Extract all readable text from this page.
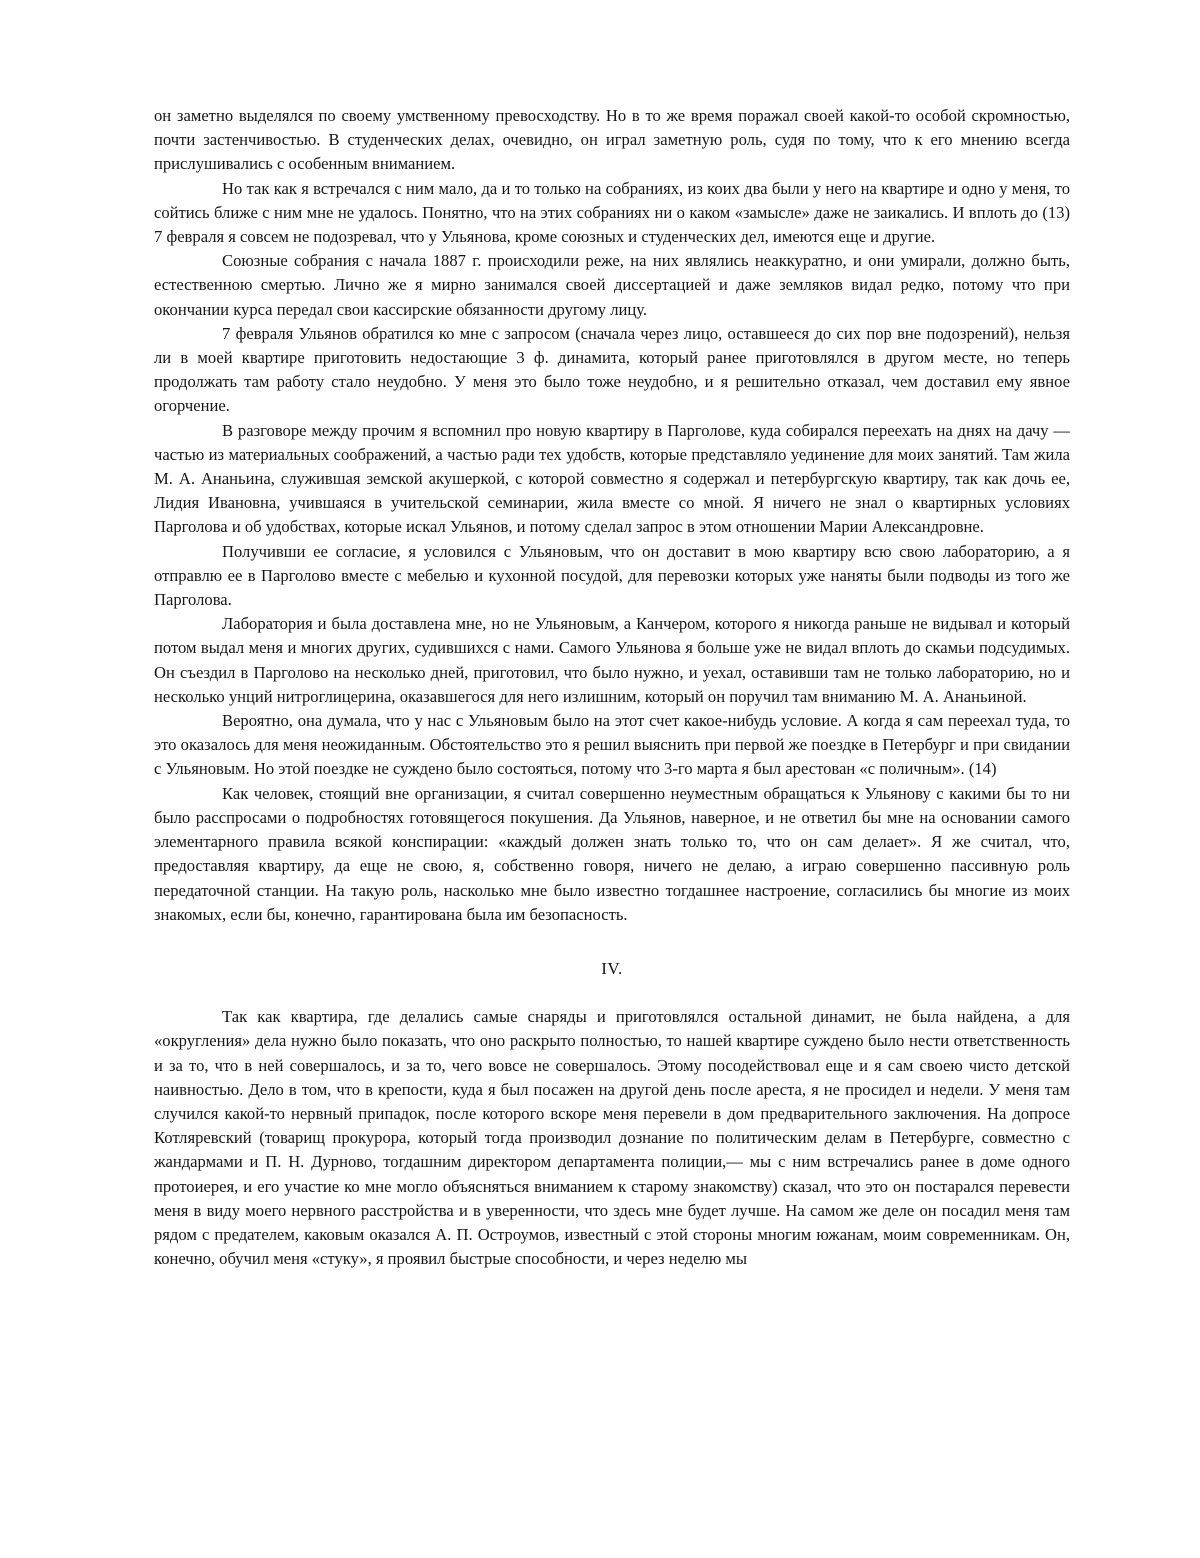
он заметно выделялся по своему умственному превосходству. Но в то же время поражал своей какой-то особой скромностью, почти застенчивостью. В студенческих делах, очевидно, он играл заметную роль, судя по тому, что к его мнению всегда прислушивались с особенным вниманием.

Но так как я встречался с ним мало, да и то только на собраниях, из коих два были у него на квартире и одно у меня, то сойтись ближе с ним мне не удалось. Понятно, что на этих собраниях ни о каком «замысле» даже не заикались. И вплоть до (13) 7 февраля я совсем не подозревал, что у Ульянова, кроме союзных и студенческих дел, имеются еще и другие.

Союзные собрания с начала 1887 г. происходили реже, на них являлись неаккуратно, и они умирали, должно быть, естественною смертью. Лично же я мирно занимался своей диссертацией и даже земляков видал редко, потому что при окончании курса передал свои кассирские обязанности другому лицу.

7 февраля Ульянов обратился ко мне с запросом (сначала через лицо, оставшееся до сих пор вне подозрений), нельзя ли в моей квартире приготовить недостающие 3 ф. динамита, который ранее приготовлялся в другом месте, но теперь продолжать там работу стало неудобно. У меня это было тоже неудобно, и я решительно отказал, чем доставил ему явное огорчение.

В разговоре между прочим я вспомнил про новую квартиру в Парголове, куда собирался переехать на днях на дачу — частью из материальных соображений, а частью ради тех удобств, которые представляло уединение для моих занятий. Там жила М. А. Ананьина, служившая земской акушеркой, с которой совместно я содержал и петербургскую квартиру, так как дочь ее, Лидия Ивановна, учившаяся в учительской семинарии, жила вместе со мной. Я ничего не знал о квартирных условиях Парголова и об удобствах, которые искал Ульянов, и потому сделал запрос в этом отношении Марии Александровне.

Получивши ее согласие, я условился с Ульяновым, что он доставит в мою квартиру всю свою лабораторию, а я отправлю ее в Парголово вместе с мебелью и кухонной посудой, для перевозки которых уже наняты были подводы из того же Парголова.

Лаборатория и была доставлена мне, но не Ульяновым, а Канчером, которого я никогда раньше не видывал и который потом выдал меня и многих других, судившихся с нами. Самого Ульянова я больше уже не видал вплоть до скамьи подсудимых. Он съездил в Парголово на несколько дней, приготовил, что было нужно, и уехал, оставивши там не только лабораторию, но и несколько унций нитроглицерина, оказавшегося для него излишним, который он поручил там вниманию М. А. Ананьиной.

Вероятно, она думала, что у нас с Ульяновым было на этот счет какое-нибудь условие. А когда я сам переехал туда, то это оказалось для меня неожиданным. Обстоятельство это я решил выяснить при первой же поездке в Петербург и при свидании с Ульяновым. Но этой поездке не суждено было состояться, потому что 3-го марта я был арестован «с поличным». (14)

Как человек, стоящий вне организации, я считал совершенно неуместным обращаться к Ульянову с какими бы то ни было расспросами о подробностях готовящегося покушения. Да Ульянов, наверное, и не ответил бы мне на основании самого элементарного правила всякой конспирации: «каждый должен знать только то, что он сам делает». Я же считал, что, предоставляя квартиру, да еще не свою, я, собственно говоря, ничего не делаю, а играю совершенно пассивную роль передаточной станции. На такую роль, насколько мне было известно тогдашнее настроение, согласились бы многие из моих знакомых, если бы, конечно, гарантирована была им безопасность.

IV.

Так как квартира, где делались самые снаряды и приготовлялся остальной динамит, не была найдена, а для «округления» дела нужно было показать, что оно раскрыто полностью, то нашей квартире суждено было нести ответственность и за то, что в ней совершалось, и за то, чего вовсе не совершалось. Этому посодействовал еще и я сам своею чисто детской наивностью. Дело в том, что в крепости, куда я был посажен на другой день после ареста, я не просидел и недели. У меня там случился какой-то нервный припадок, после которого вскоре меня перевели в дом предварительного заключения. На допросе Котляревский (товарищ прокурора, который тогда производил дознание по политическим делам в Петербурге, совместно с жандармами и П. Н. Дурново, тогдашним директором департамента полиции,— мы с ним встречались ранее в доме одного протоиерея, и его участие ко мне могло объясняться вниманием к старому знакомству) сказал, что это он постарался перевести меня в виду моего нервного расстройства и в уверенности, что здесь мне будет лучше. На самом же деле он посадил меня там рядом с предателем, каковым оказался А. П. Остроумов, известный с этой стороны многим южанам, моим современникам. Он, конечно, обучил меня «стуку», я проявил быстрые способности, и через неделю мы
